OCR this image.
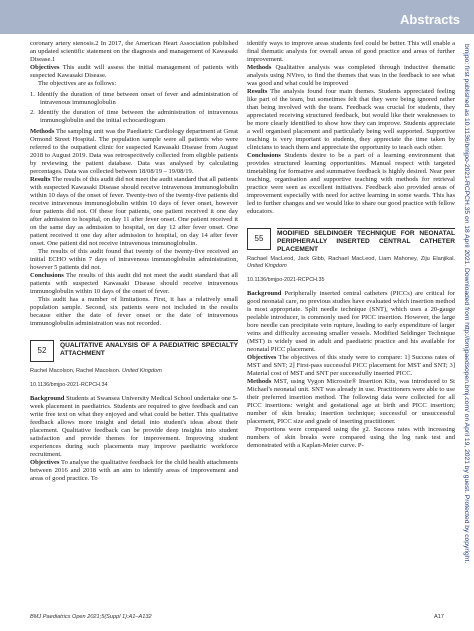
Abstracts

coronary artery stenosis.2 In 2017, the American Heart Association published an updated scientific statement on the diagnosis and management of Kawasaki Disease.1

Objectives This audit will assess the initial management of patients with suspected Kawasaki Disease.

The objectives are as follows:

1. Identify the duration of time between onset of fever and administration of intravenous immunoglobulin
2. Identify the duration of time between the administration of intravenous immunoglobulin and the initial echocardiogram

Methods The sampling unit was the Paediatric Cardiology department at Great Ormond Street Hospital. The population sample were all patients who were referred to the outpatient clinic for suspected Kawasaki Disease from August 2018 to August 2019. Data was retrospectively collected from eligible patients by reviewing the patient database. Data was analysed by calculating percentages. Data was collected between 18/08/19 – 19/08/19.

Results The results of this audit did not meet the audit standard that all patients with suspected Kawasaki Disease should receive intravenous immunoglobulin within 10 days of the onset of fever. Twenty-two of the twenty-five patients did receive intravenous immunoglobulin within 10 days of fever onset, however four patients did not. Of these four patients, one patient received it one day after admission to hospital, on day 11 after fever onset. One patient received it on the same day as admission to hospital, on day 12 after fever onset. One patient received it one day after admission to hospital, on day 14 after fever onset. One patient did not receive intravenous immunoglobulin.

The results of this audit found that twenty of the twenty-five received an initial ECHO within 7 days of intravenous immunoglobulin administration, however 5 patients did not.

Conclusions The results of this audit did not meet the audit standard that all patients with suspected Kawasaki Disease should receive intravenous immunoglobulin within 10 days of the onset of fever.

This audit has a number of limitations. First, it has a relatively small population sample. Second, six patients were not included in the results because either the date of fever onset or the date of intravenous immunoglobulin administration was not recorded.

52
QUALITATIVE ANALYSIS OF A PAEDIATRIC SPECIALTY ATTACHMENT
Rachel Macolson, Rachel Macolson. United Kingdom
10.1136/bmjpo-2021-RCPCH.34

Background Students at Swansea University Medical School undertake one 5-week placement in paediatrics. Students are required to give feedback and can write free text on what they enjoyed and what could be better. This qualitative feedback allows more insight and detail into student's ideas about their placement. Qualitative feedback can be provide deep insights into student satisfaction and provide themes for improvement. Improving student experiences during such placements may improve paediatric workforce recruitment.

Objectives To analyse the qualitative feedback for the child health attachments between 2016 and 2018 with an aim to identify areas of improvement and areas of good practice. To

identify ways to improve areas students feel could be better. This will enable a final thematic analysis for overall areas of good practice and areas of further improvement.

Methods Qualitative analysis was completed through inductive thematic analysis using NVivo, to find the themes that was in the feedback to see what was good and what could be improved

Results The analysis found four main themes. Students appreciated feeling like part of the team, but sometimes felt that they were being ignored rather than being involved with the team. Feedback was crucial for students, they appreciated receiving structured feedback, but would like their weaknesses to be more clearly identified to show how they can improve. Students appreciate a well organised placement and particularly being well supported. Supportive teaching is very important to students, they appreciate the time taken by clinicians to teach them and appreciate the opportunity to teach each other.

Conclusions Students desire to be a part of a learning environment that provides structured learning opportunities. Manual respect with targeted timetabling for formative and summative feedback is highly desired. Near peer teaching, organisation and supportive teaching with methods for retrieval practice were seen as excellent initiatives. Feedback also provided areas of improvement especially with need for active learning in some wards. This has led to further changes and we would like to share our good practice with fellow educators.

55
MODIFIED SELDINGER TECHNIQUE FOR NEONATAL PERIPHERALLY INSERTED CENTRAL CATHETER PLACEMENT
Rachael MacLeod, Jack Gibb, Rachael MacLeod, Liam Mahoney, Ziju Elanjikal. United Kingdom
10.1136/bmjpo-2021-RCPCH.35

Background Peripherally inserted central catheters (PICCs) are critical for good neonatal care, no previous studies have evaluated which insertion method is most appropriate. Split needle technique (SNT), which uses a 20-gauge peelable introducer, is commonly used for PICC insertion. However, the large bore needle can precipitate vein rupture, leading to early expenditure of larger veins and difficulty accessing smaller vessels. Modified Seldinger Technique (MST) is widely used in adult and paediatric practice and his available for neonatal PICC placement.

Objectives The objectives of this study were to compare: 1] Success rates of MST and SNT; 2] First-pass successful PICC placement for MST and SNT; 3] Material cost of MST and SNT per successfully inserted PICC.

Methods MST, using Vygon Microsite® Insertion Kits, was introduced to St Michael's neonatal unit. SNT was already in use. Practitioners were able to use their preferred insertion method. The following data were collected for all PICC insertions: weight and gestational age at birth and PICC insertion; number of skin breaks; insertion technique; successful or unsuccessful placement, PICC size and grade of inserting practitioner.

Proportions were compared using the χ2. Success rates with increasing numbers of skin breaks were compared using the log rank test and demonstrated with a Kaplan-Meier curve. P-	bmjpo: first published as 10.1136/bmjpo-2021-RCPCH.35 on 18 April 2021. Downloaded from http://bmjpaedsopen.bmj.com/ on April 19, 2021 by guest. Protected by copyright.
BMJ Paediatrics Open 2021;5(Suppl 1):A1–A132	A17
